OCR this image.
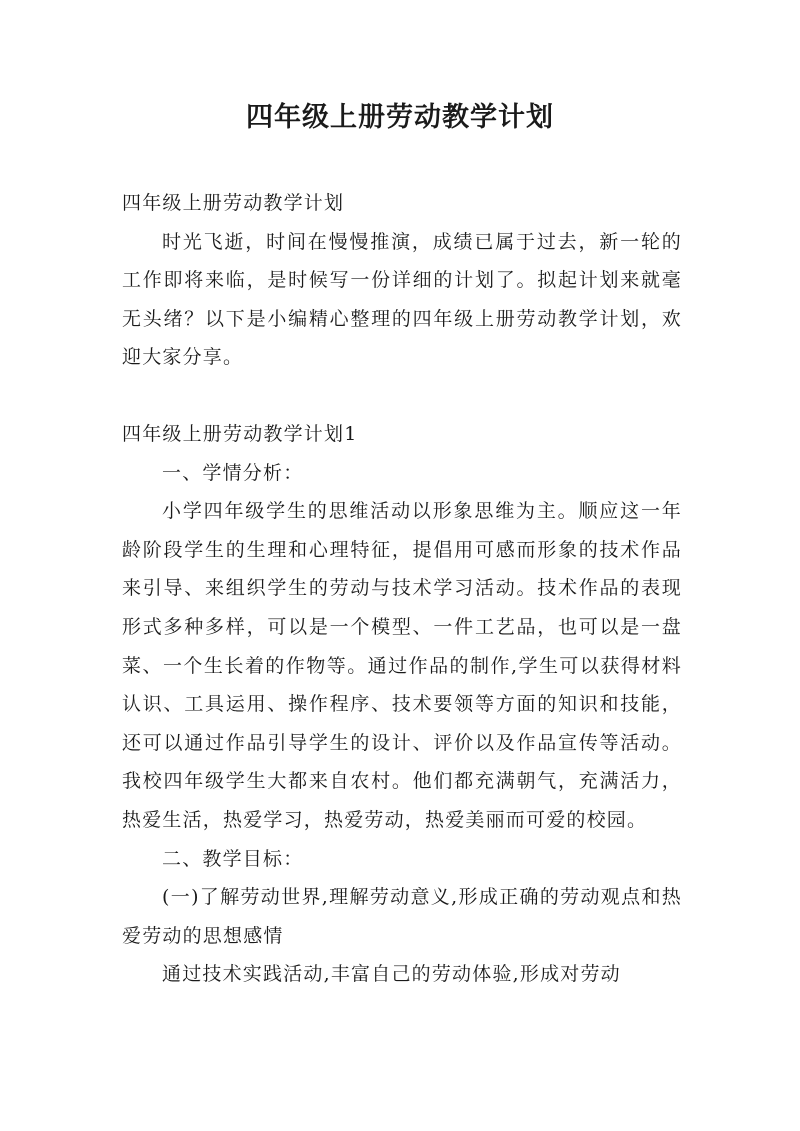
四年级上册劳动教学计划

四年级上册劳动教学计划

时光飞逝，时间在慢慢推演，成绩已属于过去，新一轮的工作即将来临，是时候写一份详细的计划了。拟起计划来就毫无头绪？以下是小编精心整理的四年级上册劳动教学计划，欢迎大家分享。

四年级上册劳动教学计划1

一、学情分析：

小学四年级学生的思维活动以形象思维为主。顺应这一年龄阶段学生的生理和心理特征，提倡用可感而形象的技术作品来引导、来组织学生的劳动与技术学习活动。技术作品的表现形式多种多样，可以是一个模型、一件工艺品，也可以是一盘菜、一个生长着的作物等。通过作品的制作,学生可以获得材料认识、工具运用、操作程序、技术要领等方面的知识和技能，还可以通过作品引导学生的设计、评价以及作品宣传等活动。我校四年级学生大都来自农村。他们都充满朝气，充满活力，热爱生活，热爱学习，热爱劳动，热爱美丽而可爱的校园。

二、教学目标：

(一)了解劳动世界,理解劳动意义,形成正确的劳动观点和热爱劳动的思想感情

通过技术实践活动,丰富自己的劳动体验,形成对劳动
